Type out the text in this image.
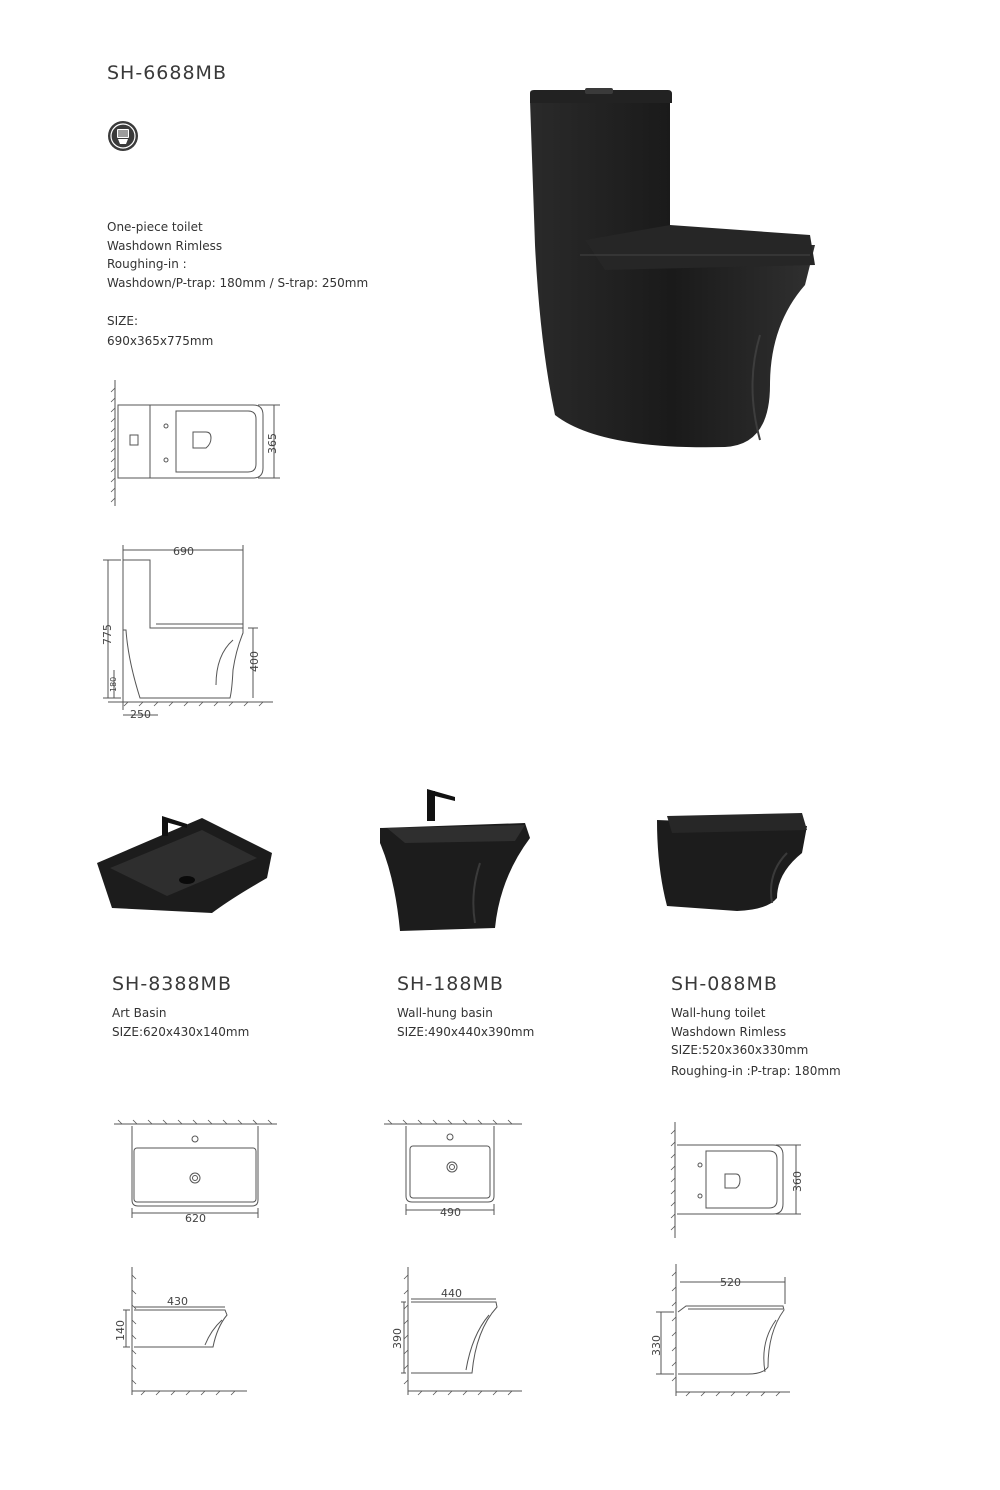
SH-6688MB
One-piece toilet
Washdown Rimless
Roughing-in :
Washdown/P-trap: 180mm / S-trap: 250mm
SIZE:
690x365x775mm
365
690
775
400
180
250
SH-8388MB
Art Basin
SIZE:620x430x140mm
SH-188MB
Wall-hung basin
SIZE:490x440x390mm
SH-088MB
Wall-hung toilet
Washdown Rimless
SIZE:520x360x330mm
Roughing-in :P-trap: 180mm
620	490
360
430
140
440
390
520
330
